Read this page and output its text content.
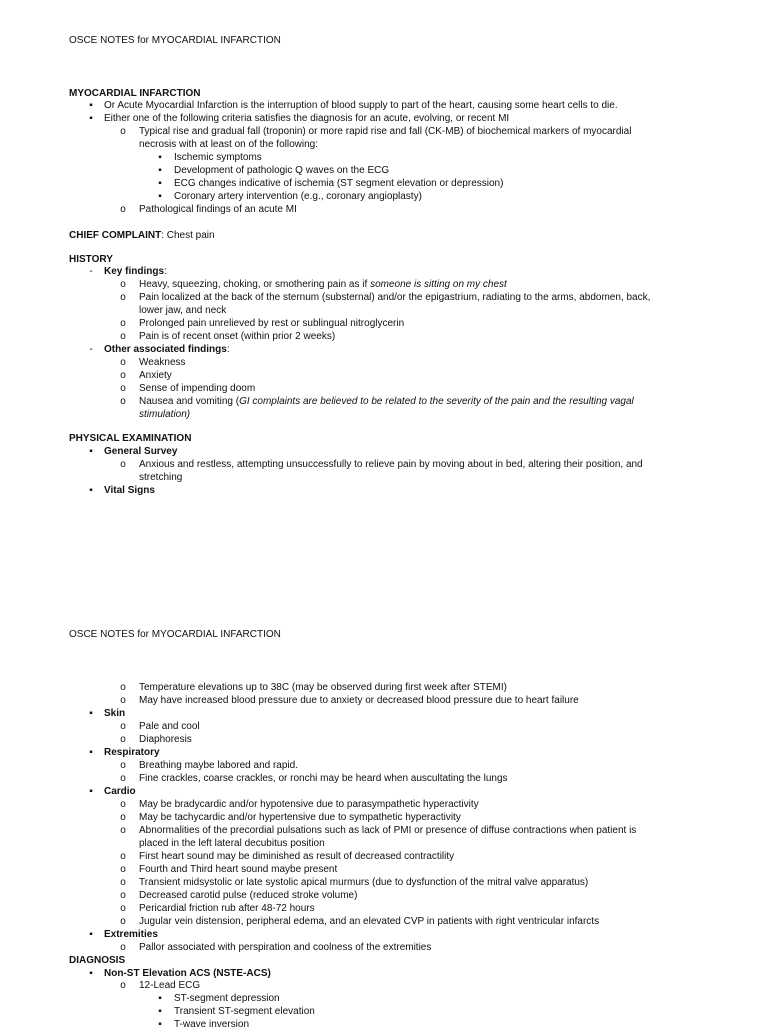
OSCE NOTES for MYOCARDIAL INFARCTION
MYOCARDIAL INFARCTION
▪	Or Acute Myocardial Infarction is the interruption of blood supply to part of the heart, causing some heart cells to die.
▪	Either one of the following criteria satisfies the diagnosis for an acute, evolving, or recent MI
o Typical rise and gradual fall (troponin) or more rapid rise and fall (CK-MB) of biochemical markers of myocardial
necrosis with at least on of the following:
▪	Ischemic symptoms
▪	Development of pathologic Q waves on the ECG
▪	ECG changes indicative of ischemia (ST segment elevation or depression)
▪	Coronary artery intervention (e.g., coronary angioplasty)
o Pathological findings of an acute MI
CHIEF COMPLAINT: Chest pain
HISTORY
-	Key findings:
o Heavy, squeezing, choking, or smothering pain as if someone is sitting on my chest
o Pain localized at the back of the sternum (substernal) and/or the epigastrium, radiating to the arms, abdomen, back,
lower jaw, and neck
o Prolonged pain unrelieved by rest or sublingual nitroglycerin
o Pain is of recent onset (within prior 2 weeks)
-	Other associated findings:
o Weakness
o Anxiety
o Sense of impending doom
o Nausea and vomiting (GI complaints are believed to be related to the severity of the pain and the resulting vagal
stimulation)
PHYSICAL EXAMINATION
▪	General Survey
o Anxious and restless, attempting unsuccessfully to relieve pain by moving about in bed, altering their position, and
stretching
▪	Vital Signs
OSCE NOTES for MYOCARDIAL INFARCTION
o Temperature elevations up to 38C (may be observed during first week after STEMI)
o May have increased blood pressure due to anxiety or decreased blood pressure due to heart failure
▪	Skin
o Pale and cool
o Diaphoresis
▪	Respiratory
o Breathing maybe labored and rapid.
o Fine crackles, coarse crackles, or ronchi may be heard when auscultating the lungs
▪	Cardio
o May be bradycardic and/or hypotensive due to parasympathetic hyperactivity
o May be tachycardic and/or hypertensive due to sympathetic hyperactivity
o Abnormalities of the precordial pulsations such as lack of PMI or presence of diffuse contractions when patient is
placed in the left lateral decubitus position
o First heart sound may be diminished as result of decreased contractility
o Fourth and Third heart sound maybe present
o Transient midsystolic or late systolic apical murmurs (due to dysfunction of the mitral valve apparatus)
o Decreased carotid pulse (reduced stroke volume)
o Pericardial friction rub after 48-72 hours
o Jugular vein distension, peripheral edema, and an elevated CVP in patients with right ventricular infarcts
▪	Extremities
o Pallor associated with perspiration and coolness of the extremities
DIAGNOSIS
▪	Non-ST Elevation ACS (NSTE-ACS)
o 12-Lead ECG
▪	ST-segment depression
▪	Transient ST-segment elevation
▪	T-wave inversion
